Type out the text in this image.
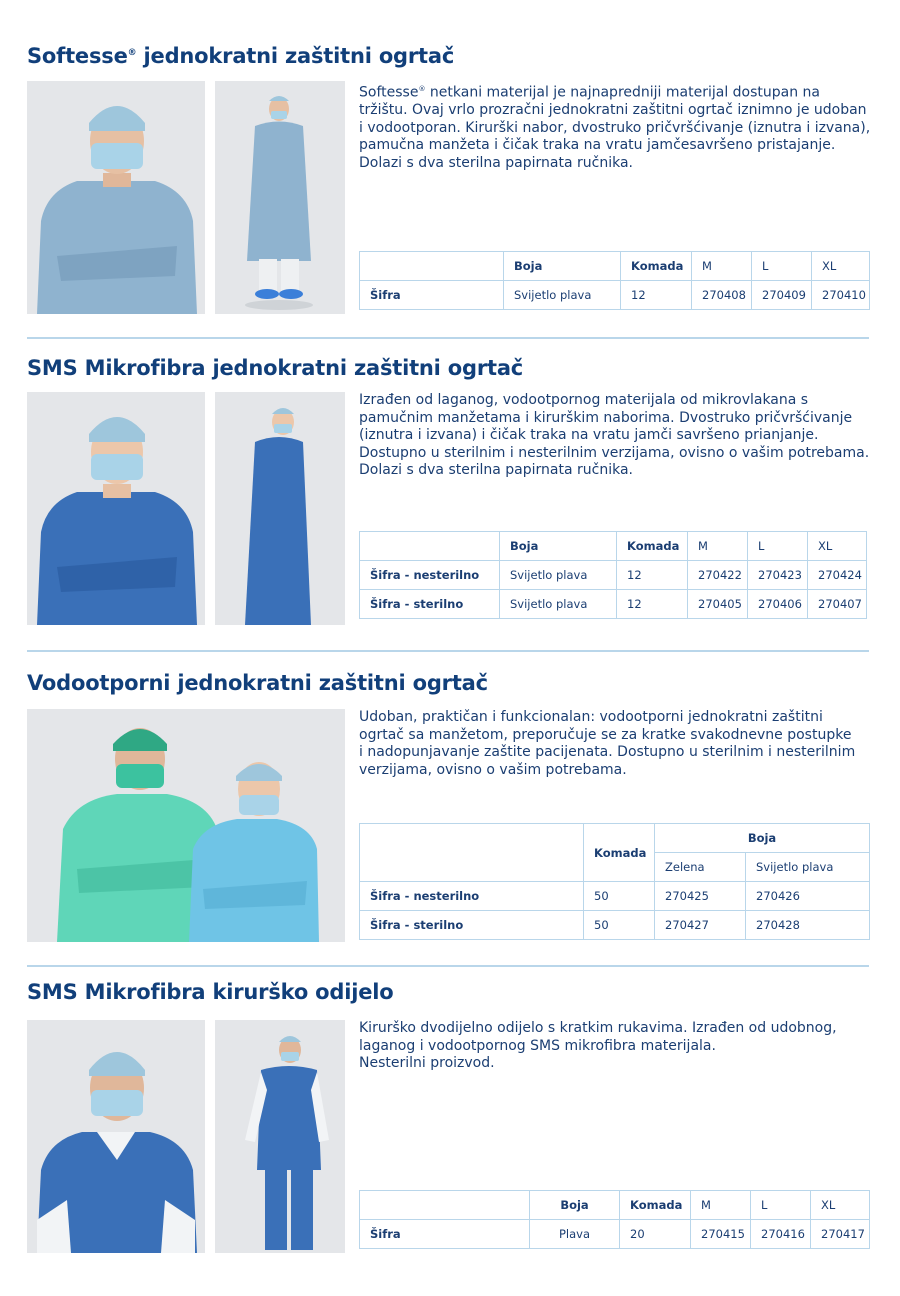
Softesse® jednokratni zaštitni ogrtač

Softesse® netkani materijal je najnapredniji materijal dostupan na
tržištu. Ovaj vrlo prozračni jednokratni zaštitni ogrtač iznimno je udoban
i vodootporan. Kirurški nabor, dvostruko pričvršćivanje (iznutra i izvana),
pamučna manžeta i čičak traka na vratu jamčesavršeno pristajanje.
Dolazi s dva sterilna papirnata ručnika.

	Boja	Komada	M	L	XL
Šifra	Svijetlo plava	12	270408	270409	270410
SMS Mikrofibra jednokratni zaštitni ogrtač

Izrađen od laganog, vodootpornog materijala od mikrovlakana s
pamučnim manžetama i kirurškim naborima. Dvostruko pričvršćivanje
(iznutra i izvana) i čičak traka na vratu jamči savršeno prianjanje.
Dostupno u sterilnim i nesterilnim verzijama, ovisno o vašim potrebama.
Dolazi s dva sterilna papirnata ručnika.

	Boja	Komada	M	L	XL
Šifra - nesterilno	Svijetlo plava	12	270422	270423	270424
Šifra - sterilno	Svijetlo plava	12	270405	270406	270407
Vodootporni jednokratni zaštitni ogrtač

Udoban, praktičan i funkcionalan: vodootporni jednokratni zaštitni
ogrtač sa manžetom, preporučuje se za kratke svakodnevne postupke
i nadopunjavanje zaštite pacijenata. Dostupno u sterilnim i nesterilnim
verzijama, ovisno o vašim potrebama.

	Komada	Boja	
		Zelena	Svijetlo plava
Šifra - nesterilno	50	270425	270426
Šifra - sterilno	50	270427	270428
SMS Mikrofibra kirurško odijelo

Kirurško dvodijelno odijelo s kratkim rukavima. Izrađen od udobnog,
laganog i vodootpornog SMS mikrofibra materijala.
Nesterilni proizvod.

	Boja	Komada	M	L	XL
Šifra	Plava	20	270415	270416	270417
